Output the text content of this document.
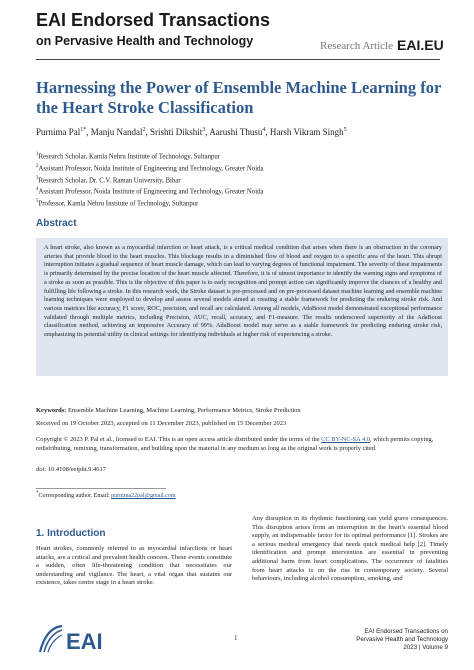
EAI Endorsed Transactions
on Pervasive Health and Technology	Research Article EAI.EU
Harnessing the Power of Ensemble Machine Learning for the Heart Stroke Classification
Purnima Pal$^{1*}$, Manju Nandal$^2$, Srishti Dikshit$^3$, Aarushi Thusu$^4$, Harsh Vikram Singh$^5$
$^1$Research Scholar, Kamla Nehru Institute of Technology, Sultanpur
$^2$Assistant Professor, Noida Institute of Engineering and Technology, Greater Noida
$^3$Research Scholar, Dr. C.V. Raman University, Bihar
$^4$Assistant Professor, Noida Institute of Engineering and Technology, Greater Noida
$^5$Professor, Kamla Nehru Institute of Technology, Sultanpur
Abstract
A heart stroke, also known as a myocardial infarction or heart attack, is a critical medical condition that arises when there is an obstruction in the coronary arteries that provide blood to the heart muscles. This blockage results in a diminished flow of blood and oxygen to a specific area of the heart. This abrupt interruption initiates a gradual sequence of heart muscle damage, which can lead to varying degrees of functional impairment. The severity of these impairments is primarily determined by the precise location of the heart muscle affected. Therefore, it is of utmost importance to identify the warning signs and symptoms of a stroke as soon as possible. This is the objective of this paper is to early recognition and prompt action can significantly improve the chances of a healthy and fulfilling life following a stroke. In this research work, the Stroke dataset is pre-processed and on pre-processed dataset machine learning and ensemble machine learning techniques were employed to develop and assess several models aimed at creating a stable framework for predicting the enduring stroke risk. And various matrices like accuracy, F1 score, ROC, precision, and recall are calculated. Among all models, AdaBoost model demonstrated exceptional performance validated through multiple metrics, including Precision, AUC, recall, accuracy, and F1-measure. The results underscored superiority of the AdaBoost classification method, achieving an impressive Accuracy of 99%. AdaBoost model may serve as a stable framework for predicting enduring stroke risk, emphasizing its potential utility in clinical settings for identifying individuals at higher risk of experiencing a stroke.
Keywords: Ensemble Machine Learning, Machine Learning, Performance Metrics, Stroke Prediction
Received on 19 October 2023, accepted on 11 December 2023, published on 15 December 2023
Copyright © 2023 P. Pal et al., licensed to EAI. This is an open access article distributed under the terms of the CC BY-NC-SA 4.0, which permits copying, redistributing, remixing, transformation, and building upon the material in any medium so long as the original work is properly cited.
doi: 10.4108/eetpht.9.4617
*Corresponding author. Email: purnima22pal@gmail.com
1. Introduction
Heart strokes, commonly referred to as myocardial infarctions or heart attacks, are a critical and prevalent health concern. These events constitute a sudden, often life-threatening condition that necessitates our understanding and vigilance. The heart, a vital organ that sustains our existence, takes centre stage in a heart stroke.
Any disruption in its rhythmic functioning can yield grave consequences. This disruption arises from an interruption in the heart's essential blood supply, an indispensable factor for its optimal performance [1]. Strokes are a serious medical emergency that needs quick medical help [2]. Timely identification and prompt intervention are essential in preventing additional harm from heart complications. The occurrence of fatalities from heart attacks is on the rise in contemporary society. Several behaviours, including alcohol consumption, smoking, and
EAI	1
EAI Endorsed Transactions on
Pervasive Health and Technology
2023 | Volume 9
